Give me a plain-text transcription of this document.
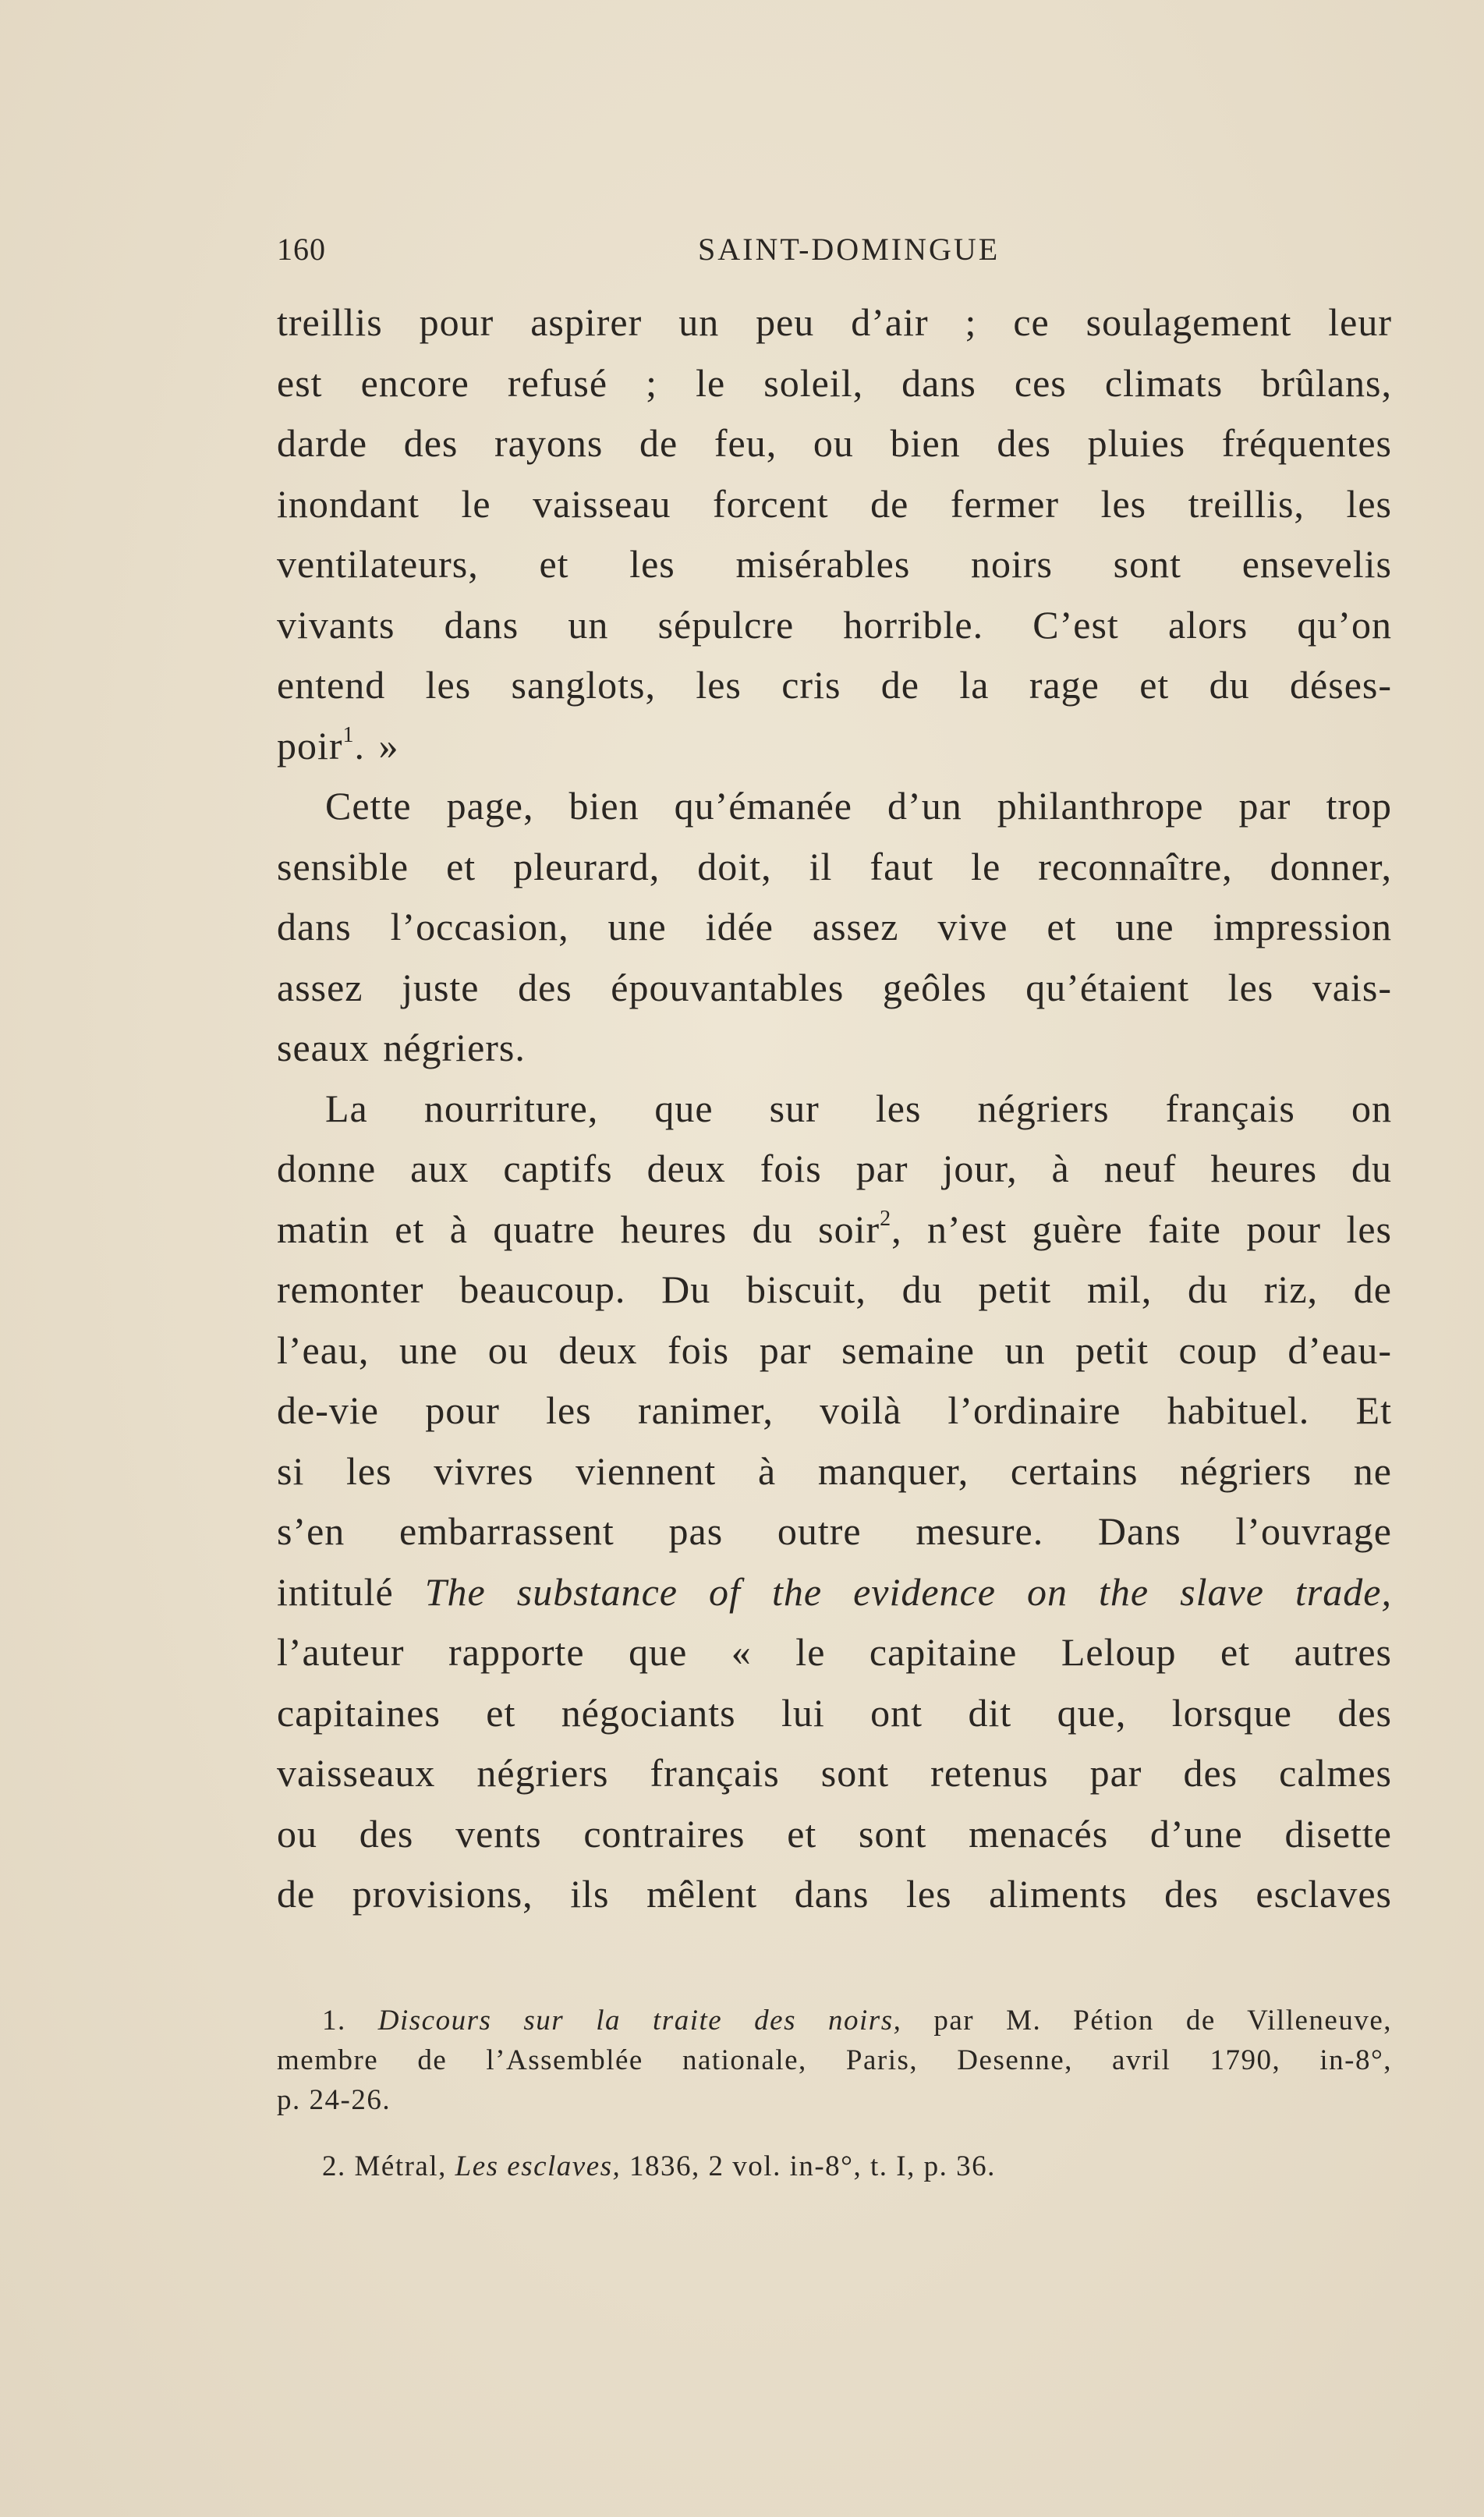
160	SAINT-DOMINGUE
treillis pour aspirer un peu d’air ; ce soulagement leur
est encore refusé ; le soleil, dans ces climats brûlans,
darde des rayons de feu, ou bien des pluies fréquentes
inondant le vaisseau forcent de fermer les treillis, les
ventilateurs, et les misérables noirs sont ensevelis
vivants dans un sépulcre horrible. C’est alors qu’on
entend les sanglots, les cris de la rage et du déses-
poir$^1$. »
Cette page, bien qu’émanée d’un philanthrope par trop
sensible et pleurard, doit, il faut le reconnaître, donner,
dans l’occasion, une idée assez vive et une impression
assez juste des épouvantables geôles qu’étaient les vais-
seaux négriers.
La nourriture, que sur les négriers français on
donne aux captifs deux fois par jour, à neuf heures du
matin et à quatre heures du soir$^2$, n’est guère faite pour les
remonter beaucoup. Du biscuit, du petit mil, du riz, de
l’eau, une ou deux fois par semaine un petit coup d’eau-
de-vie pour les ranimer, voilà l’ordinaire habituel. Et
si les vivres viennent à manquer, certains négriers ne
s’en embarrassent pas outre mesure. Dans l’ouvrage
intitulé The substance of the evidence on the slave trade,
l’auteur rapporte que « le capitaine Leloup et autres
capitaines et négociants lui ont dit que, lorsque des
vaisseaux négriers français sont retenus par des calmes
ou des vents contraires et sont menacés d’une disette
de provisions, ils mêlent dans les aliments des esclaves
1. Discours sur la traite des noirs, par M. Pétion de Villeneuve,
membre de l’Assemblée nationale, Paris, Desenne, avril 1790, in-8°,
p. 24-26.
2. Métral, Les esclaves, 1836, 2 vol. in-8°, t. I, p. 36.
